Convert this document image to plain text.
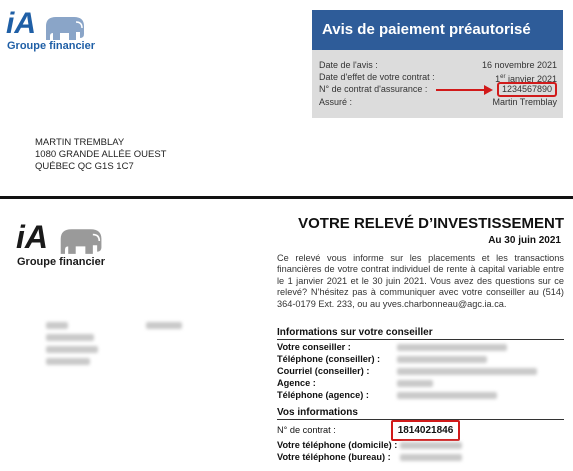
iA
Groupe financier
Avis de paiement préautorisé
Date de l'avis :	16 novembre 2021
Date d'effet de votre contrat :	1er janvier 2021
N° de contrat d'assurance :	1234567890
Assuré :	Martin Tremblay
MARTIN TREMBLAY
1080 GRANDE ALLÉE OUEST
QUÉBEC QC G1S 1C7
iA
Groupe financier
VOTRE RELEVÉ D’INVESTISSEMENT
Au 30 juin 2021
Ce relevé vous informe sur les placements et les transactions financières de votre contrat individuel de rente à capital variable entre le 1 janvier 2021 et le 30 juin 2021. Vous avez des questions sur ce relevé? N’hésitez pas à communiquer avec votre conseiller au (514) 364-0179 Ext. 233, ou au yves.charbonneau@agc.ia.ca.
Informations sur votre conseiller
Votre conseiller :
Téléphone (conseiller) :
Courriel (conseiller) :
Agence :
Téléphone (agence) :
Vos informations
N° de contrat :	1814021846
Votre téléphone (domicile) :
Votre téléphone (bureau) :
